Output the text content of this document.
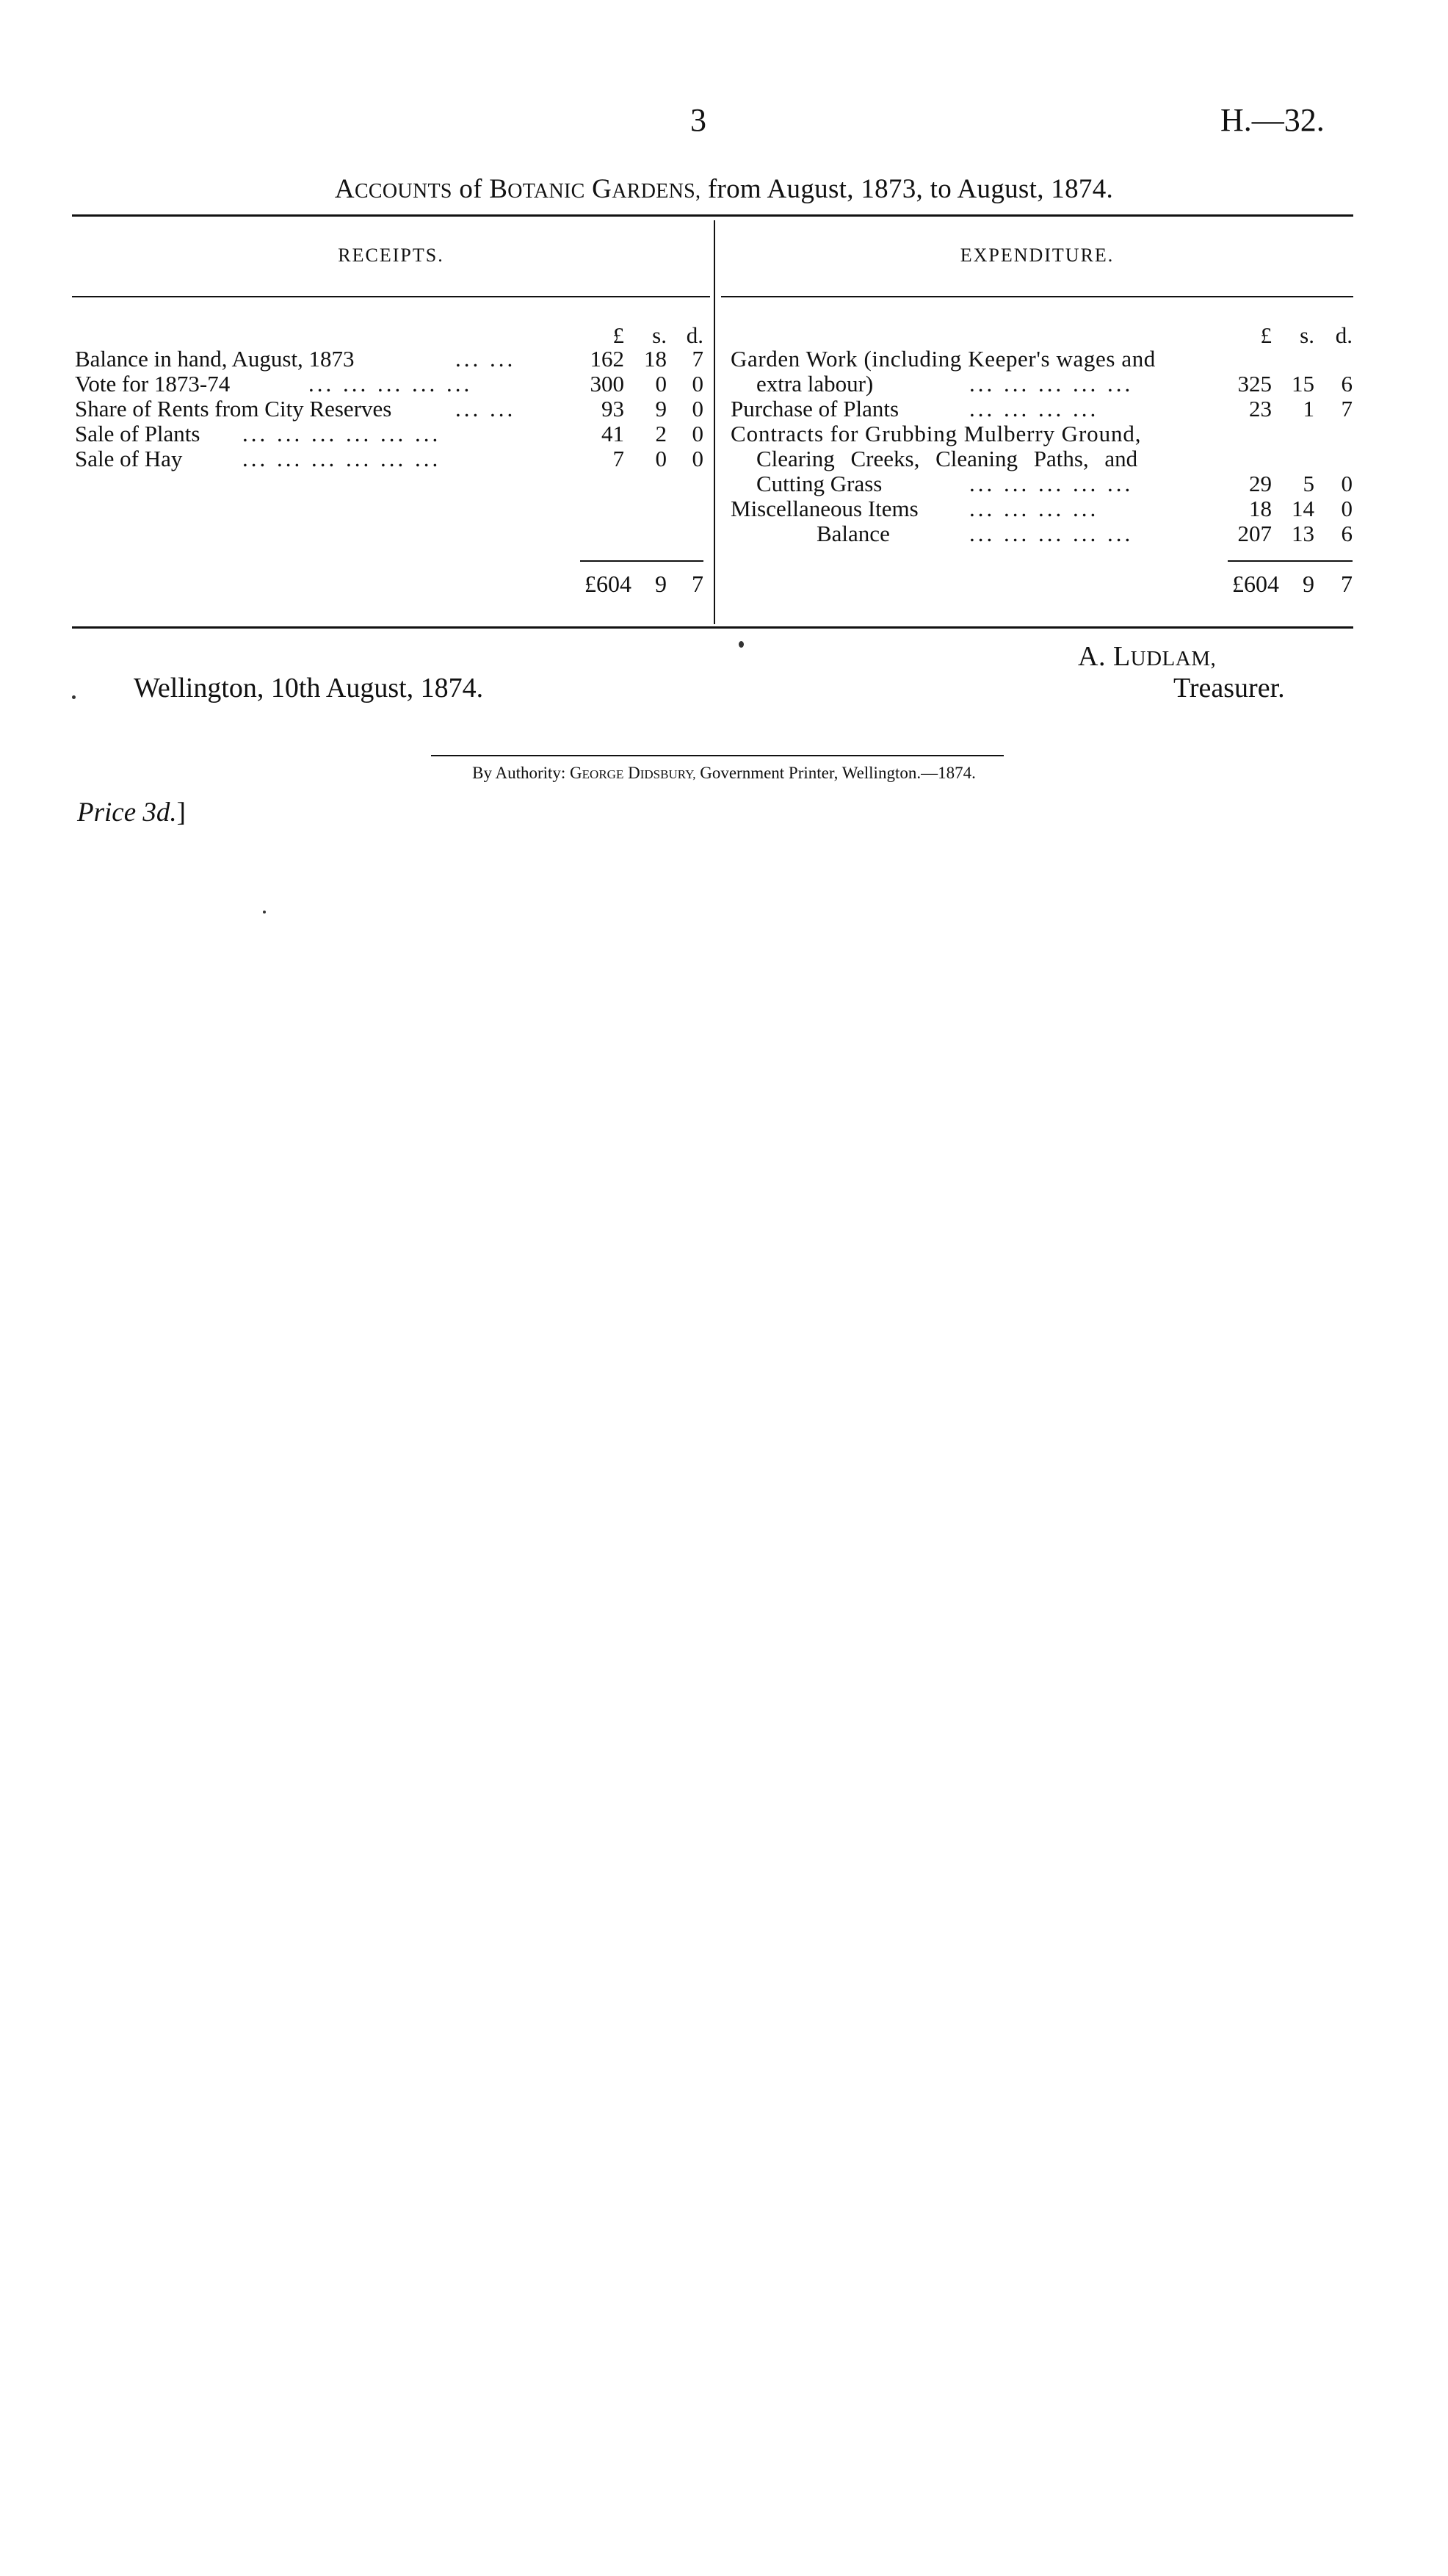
3	H.—32.
ACCOUNTS of BOTANIC GARDENS, from August, 1873, to August, 1874.
RECEIPTS.	EXPENDITURE.
£	s. d.
Balance in hand, August, 1873	... ...	162 18	7
Vote for 1873-74	... ... ... ... ...	300	0	0
Share of Rents from City Reserves	... ...	93	9	0
Sale of Plants ... ... ... ... ... ...	41	2	0
Sale of Hay	... ... ... ... ... ...	7	0	0
£604	9	7
£	s. d.
Garden Work (including Keeper's wages and
extra labour)	... ... ... ... ...	325 15	6
Purchase of Plants	... ... ... ...	23	1	7
Contracts for Grubbing Mulberry Ground,
Clearing Creeks, Cleaning Paths, and
Cutting Grass	... ... ... ... ...	29	5	0
Miscellaneous Items ... ... ... ...	18 14	0
Balance	... ... ... ... ...	207 13	6
£604	9	7
Wellington, 10th August, 1874.
A. LUDLAM,
Treasurer.
By Authority: GEORGE DIDSBURY, Government Printer, Wellington.—1874.
Price 3d.]
